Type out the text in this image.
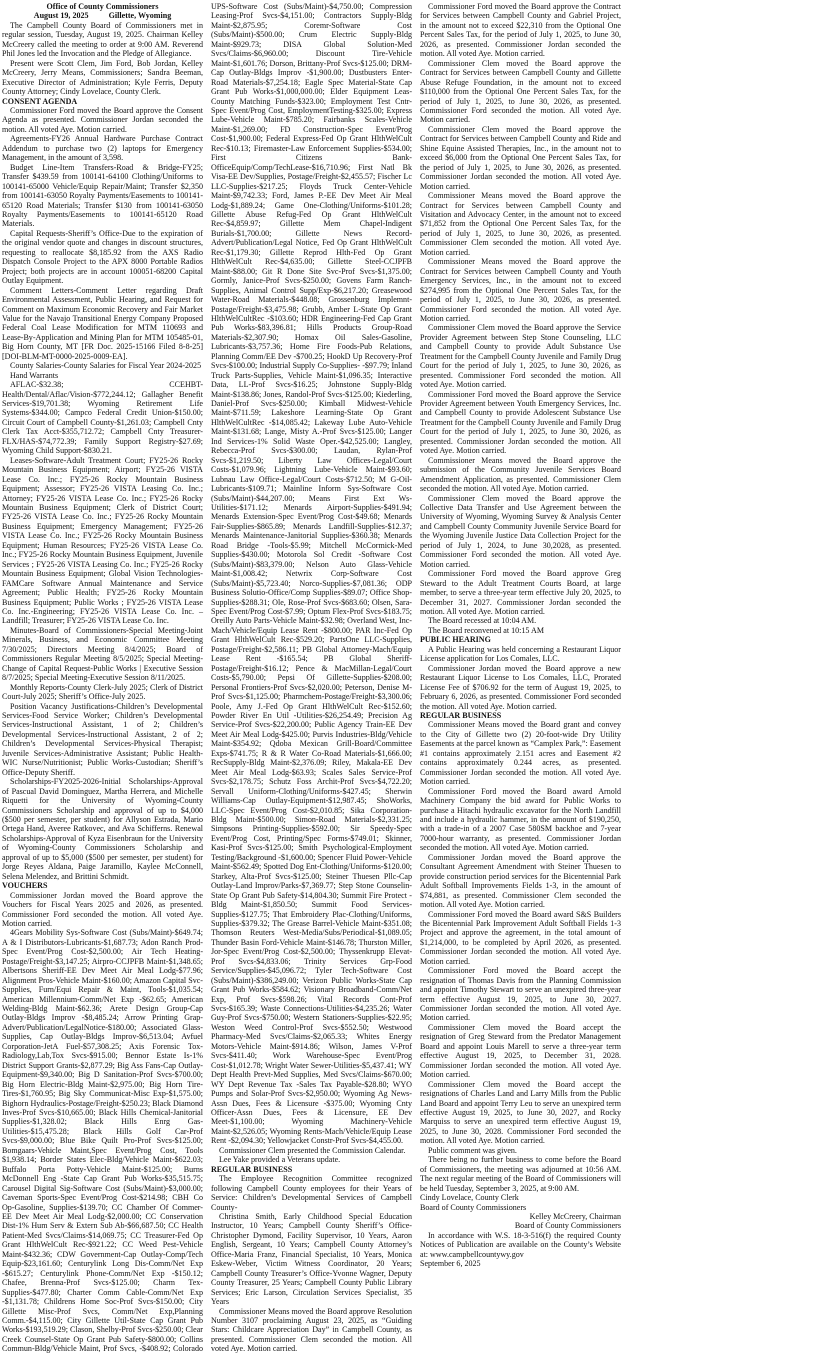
Office of County Commissioners
August 19, 2025          Gillette, Wyoming
The Campbell County Board of Commissioners met in regular session, Tuesday, August 19, 2025. Chairman Kelley McCreery called the meeting to order at 9:00 AM. Reverend Phil Jones led the Invocation and the Pledge of Allegiance.
Present were Scott Clem, Jim Ford, Bob Jordan, Kelley McCreery, Jerry Means, Commissioners; Sandra Beeman, Executive Director of Administration; Kyle Ferris, Deputy County Attorney; Cindy Lovelace, County Clerk.
CONSENT AGENDA
Commissioner Ford moved the Board approve the Consent Agenda as presented. Commissioner Jordan seconded the motion. All voted Aye. Motion carried.
Agreements-FY26 Annual Hardware Purchase Contract Addendum to purchase two (2) laptops for Emergency Management, in the amount of 3,598.
Budget Line-Item Transfers-Road & Bridge-FY25; Transfer $439.59 from 100141-64100 Clothing/Uniforms to 100141-65000 Vehicle/Equip Repair/Maint; Transfer $2,350 from 100141-63050 Royalty Payments/Easements to 100141-65120 Road Materials; Transfer $130 from 100141-63050 Royalty Payments/Easements to 100141-65120 Road Materials.
Capital Requests-Sheriff’s Office-Due to the expiration of the original vendor quote and changes in discount structures, requesting to reallocate $8,185.92 from the AXS Radio Dispatch Console Project to the APX 8000 Portable Radios Project; both projects are in account 100051-68200 Capital Outlay Equipment.
Comment Letters-Comment Letter regarding Draft Environmental Assessment, Public Hearing, and Request for Comment on Maximum Economic Recovery and Fair Market Value for the Navajo Transitional Energy Company Proposed Federal Coal Lease Modification for MTM 110693 and Lease-By-Application and Mining Plan for MTM 105485-01, Big Horn County, MT [FR Doc. 2025-15166 Filed 8-8-25] [DOI-BLM-MT-0000-2025-0009-EA].
County Salaries-County Salaries for Fiscal Year 2024-2025
Hand Warrants
AFLAC-$32.38; CCEHBT-Health/Dental/Aflac/Vision-$772,244.12; Gallagher Benefit Services-$19,701.38; Wyoming Retirement Life Systems-$344.00; Campco Federal Credit Union-$150.00; Circuit Court of Campbell County-$1,261.03; Campbell Cnty Clerk Tax Acct-$355,712.72; Campbell Cnty Treasurer-FLX/HAS-$74,772.39; Family Support Registry-$27.69; Wyoming Child Support-$830.21.
Leases-Software-Adult Treatment Court; FY25-26 Rocky Mountain Business Equipment; Airport; FY25-26 VISTA Lease Co. Inc.; FY25-26 Rocky Mountain Business Equipment; Assessor; FY25-26 VISTA Leasing Co. Inc.; Attorney; FY25-26 VISTA Lease Co. Inc.; FY25-26 Rocky Mountain Business Equipment; Clerk of District Court; FY25-26 VISTA Lease Co. Inc.; FY25-26 Rocky Mountain Business Equipment; Emergency Management; FY25-26 VISTA Lease Co. Inc.; FY25-26 Rocky Mountain Business Equipment; Human Resources; FY25-26 VISTA Lease Co. Inc.; FY25-26 Rocky Mountain Business Equipment, Juvenile Services ; FY25-26 VISTA Leasing Co. Inc.; FY25-26 Rocky Mountain Business Equipment; Global Vision Technologies-FAMCare Software Annual Maintenance and Service Agreement; Public Health; FY25-26 Rocky Mountain Business Equipment; Public Works ; FY25-26 VISTA Lease Co. Inc.-Engineering; FY25-26 VISTA Lease Co. Inc. – Landfill; Treasurer; FY25-26 VISTA Lease Co. Inc.
Minutes-Board of Commissioners-Special Meeting-Joint Minerals, Business, and Economic Committee Meeting 7/30/2025; Directors Meeting 8/4/2025; Board of Commissioners Regular Meeting 8/5/2025; Special Meeting-Change of Capital Request-Public Works | Executive Session 8/7/2025; Special Meeting-Executive Session 8/11/2025.
Monthly Reports-County Clerk-July 2025; Clerk of District Court-July 2025; Sheriff’s Office-July 2025.
Position Vacancy Justifications-Children’s Developmental Services-Food Service Worker; Children’s Developmental Services-Instructional Assistant, 1 of 2; Children’s Developmental Services-Instructional Assistant, 2 of 2; Children’s Developmental Services-Physical Therapist; Juvenile Services-Administrative Assistant; Public Health-WIC Nurse/Nutritionist; Public Works-Custodian; Sheriff’s Office-Deputy Sheriff.
Scholarships-FY2025-2026-Initial Scholarships-Approval of Pascual David Dominguez, Martha Herrera, and Michelle Riquetti for the University of Wyoming-County Commissioners Scholarship and approval of up to $4,000 ($500 per semester, per student) for Allyson Estrada, Mario Ortega Hand, Averee Ratkovec, and Ava Schifferns. Renewal Scholarships-Approval of Kyza Eisenbraun for the University of Wyoming-County Commissioners Scholarship and approval of up to $5,000 ($500 per semester, per student) for Jorge Reyes Aldana, Paige Jaramillo, Kaylee McConnell, Selena Melendez, and Brittini Schmidt.
VOUCHERS
Commissioner Jordan moved the Board approve the Vouchers for Fiscal Years 2025 and 2026, as presented. Commissioner Ford seconded the motion. All voted Aye. Motion carried.
4Gears Mobility Sys-Software Cost (Subs/Maint)-$649.74; A & I Distributors-Lubricants-$1,687.73; Adon Ranch Prod-Spec Event/Prog Cost-$2,500.00; Air Tech Heating-Postage/Freight-$3,147.25; Airpro-CCJPFB Maint-$1,348.65; Albertsons Sheriff-EE Dev Meet Air Meal Lodg-$77.96; Alignment Pros-Vehicle Maint-$160.00; Amazon Capital Svc-Supplies, Furn/Equi Repair & Maint, Tools-$1,035.54; American Millennium-Comm/Net Exp -$62.65; American Welding-Bldg Maint-$62.36; Arete Design Group-Cap Outlay-Bldgs Improv -$8,485.24; Arrow Printing Grap-Advert/Publication/LegalNotice-$180.00; Associated Glass-Supplies, Cap Outlay-Bldgs Improv-$6,513.04; Avfuel Corporation-JetA Fuel-$57,308.25; Axis Forensic Tox-Radiology,Lab,Tox Svcs-$915.00; Bennor Estate Is-1% District Support Grants-$2,877.29; Big Ass Fans-Cap Outlay-Equipment-$9,340.00; Big D Sanitation-Prof Svcs-$700.00; Big Horn Electric-Bldg Maint-$2,975.00; Big Horn Tire-Tires-$1,760.95; Big Sky Communicat-Misc Exp-$1,575.00; Bighorn Hydraulics-Postage/Freight-$250.23; Black Diamond Inves-Prof Svcs-$10,665.00; Black Hills Chemical-Janitorial Supplies-$1,328.02; Black Hills Enrg Gas-Utilities-$15,475.28; Black Hills Golf Car-Prof Svcs-$9,000.00; Blue Bike Quilt Pro-Prof Svcs-$125.00; Bomgaars-Vehicle Maint,Spec Event/Prog Cost, Tools $1,938.14; Border States Elec-Bldg/Vehicle Maint-$622.03; Buffalo Porta Potty-Vehicle Maint-$125.00; Burns McDonnell Eng -State Cap Grant Pub Works-$35,515.75; Carousel Digital Sig-Software Cost (Subs/Maint)-$3,000.00; Caveman Sports-Spec Event/Prog Cost-$214.98; CBH Co Op-Gasoline, Supplies-$139.70; CC Chamber Of Commer-EE Dev Meet Air Meal Lodg-$2,000.00; CC Conservation Dist-1% Hum Serv & Extern Sub Ab-$66,687.50; CC Health Patient-Med Svcs/Claims-$14,069.75; CC Treasurer-Fed Op Grant HlthWelCult Rec-$921.22; CC Weed Pest-Vehicle Maint-$432.36; CDW Government-Cap Outlay-Comp/Tech Equip-$23,161.60; Centurylink Long Dis-Comm/Net Exp -$615.27; Centurylink Phone-Comm/Net Exp -$150.12; Chafee, Brenna-Prof Svcs-$125.00; Charm Tex-Supplies-$477.80; Charter Comm Cable-Comm/Net Exp -$1,131.78; Childrens Home Soc-Prof Svcs-$150.00; City Gillette Misc-Prof Svcs, Comm/Net Exp,Planning Comm.-$4,115.00; City Gillette Util-State Cap Grant Pub Works-$193,519.29; Clason, Shelby-Prof Svcs-$250.00; Clear Creek Counsel-State Op Grant Pub Safety-$800.00; Collins Commun-Bldg/Vehicle Maint, Prof Svcs, -$408.92; Colorado UPS-Software Cost (Subs/Maint)-$4,750.00; Compression Leasing-Prof Svcs-$4,151.00; Contractors Supply-Bldg Maint-$2,875.95; Coremr-Software Cost (Subs/Maint)-$500.00; Crum Electric Supply-Bldg Maint-$929.73; DISA Global Solution-Med Svcs/Claims-$6,960.00; Discount Tire-Vehicle Maint-$1,601.76; Dorson, Brittany-Prof Svcs-$125.00; DRM-Cap Outlay-Bldgs Improv -$1,900.00; Dustbusters Enter-Road Materials-$7,254.18; Eagle Spec Material-State Cap Grant Pub Works-$1,000,000.00; Elder Equipment Leas-County Matching Funds-$323.00; Employment Test Cntr-Spec Event/Prog Cost, EmploymentTesting-$325.00; Express Lube-Vehicle Maint-$785.20; Fairbanks Scales-Vehicle Maint-$1,269.00; FD Construction-Spec Event/Prog Cost-$1,900.00; Federal Express-Fed Op Grant HlthWelCult Rec-$10.13; Firemaster-Law Enforcement Supplies-$534.00; First Citizens Bank-OfficeEquip/Comp/TechLease-$16,710.96; First Natl Bk Visa-EE Dev/Supplies, Postage/Freight-$2,455.57; Fischer Lc LLC-Supplies-$217.25; Floyds Truck Center-Vehicle Maint-$9,742.33; Ford, James P.-EE Dev Meet Air Meal Lodg-$1,889.24; Game One-Clothing/Uniforms-$101.28; Gillette Abuse Refug-Fed Op Grant HlthWelCult Rec-$4,859.97; Gillette Mem Chapel-Indigent Burials-$1,700.00; Gillette News Record-Advert/Publication/Legal Notice, Fed Op Grant HlthWelCult Rec-$1,179.30; Gillette Reprod Hlth-Fed Op Grant HlthWelCult Rec-$4,635.00; Gillette Steel-CCJPFB Maint-$88.00; Git R Done Site Svc-Prof Svcs-$1,375.00; Gormly, Janice-Prof Svcs-$250.00; Govens Farm Ranch-Supplies, Animal Control Supp/Exp-$6,217.20; Greasewood Water-Road Materials-$448.08; Grossenburg Implemnt-Postage/Freight-$3,475.98; Grubb, Amber L-State Op Grant HlthWelCultRec -$103.60; HDR Engineering-Fed Cap Grant Pub Works-$83,396.81; Hills Products Group-Road Materials-$2,307.90; Homax Oil Sales-Gasoline, Lubricants-$3,757.36; Home Fire Foods-Pub Relations, Planning Comm/EE Dev -$700.25; HookD Up Recovery-Prof Svcs-$100.00; Industrial Supply Co-Supplies- -$97.79; Inland Truck Parts-Supplies, Vehicle Maint-$1,096.35; Interactive Data, LL-Prof Svcs-$16.25; Johnstone Supply-Bldg Maint-$138.86; Jones, Randol-Prof Svcs-$125.00; Kiederling, Daniel-Prof Svcs-$250.00; Kimball Midwest-Vehicle Maint-$711.59; Lakeshore Learning-State Op Grant HlthWelCultRec -$14,085.42; Lakeway Lube Auto-Vehicle Maint-$131.68; Lange, Misty A.-Prof Svcs-$125.00; Langer Ind Services-1% Solid Waste Oper.-$42,525.00; Langley, Rebecca-Prof Svcs-$300.00; Laudan, Rylan-Prof Svcs-$1,219.50; Liberty Law Offices-Legal/Court Costs-$1,079.96; Lightning Lube-Vehicle Maint-$93.60; Lubnau Law Office-Legal/Court Costs-$712.50; M G-Oil-Lubricants-$109.71; Mainline Inform Sys-Software Cost (Subs/Maint)-$44,207.00; Means First Ext Ws-Utilities-$171.12; Menards Airport-Supplies-$491.94; Menards Extension-Spec Event/Prog Cost-$49.68; Menards Fair-Supplies-$865.89; Menards Landfill-Supplies-$12.37; Menards Maintenance-Janitorial Supplies-$360.38; Menards Road Bridge -Tools-$5.99; Mitchell McCormick-Med Supplies-$430.00; Motorola Sol Credit -Software Cost (Subs/Maint)-$83,379.00; Nelson Auto Glass-Vehicle Maint-$1,008.42; Netwrix Corp-Software Cost (Subs/Maint)-$5,723.40; Norco-Supplies-$7,081.36; ODP Business Solutio-Office/Comp Supplies-$89.07; Office Shop-Supplies-$288.31; Ole, Rose-Prof Svcs-$683.60; Olsen, Sara-Spec Event/Prog Cost-$7.99; Optum Flex-Prof Svcs-$183.75; Oreilly Auto Parts-Vehicle Maint-$32.98; Overland West, Inc-Mach/Vehicle/Equip Lease Rent -$800.00; PAR Inc-Fed Op Grant HlthWelCult Rec-$529.20; PartsOne LLC-Supplies, Postage/Freight-$2,586.11; PB Global Attorney-Mach/Equip Lease Rent -$165.54; PB Global Sheriff-Postage/Freight-$16.12; Pence & MacMillan-Legal/Court Costs-$5,790.00; Pepsi Of Gillette-Supplies-$208.00; Personal Frontiers-Prof Svcs-$2,020.00; Peterson, Denise M-Prof Svcs-$1,125.00; Pharmchem-Postage/Freight-$3,300.06; Poole, Amy J.-Fed Op Grant HlthWelCult Rec-$152.60; Powder River En Util -Utilities-$26,254.49; Precision Ag Service-Prof Svcs-$22,200.00; Public Agency Train-EE Dev Meet Air Meal Lodg-$425.00; Purvis Industries-Bldg/Vehicle Maint-$354.92; Qdoba Mexican Grill-Board/Committee Exps-$741.75; R & R Water Co-Road Materials-$1,666.00; RecSupply-Bldg Maint-$2,376.09; Riley, Makala-EE Dev Meet Air Meal Lodg-$63.93; Scales Sales Service-Prof Svcs-$2,178.75; Schutz Foss Archit-Prof Svcs-$4,722.20; Servall Uniform-Clothing/Uniforms-$427.45; Sherwin Williams-Cap Outlay-Equipment-$12,987.45; ShoWorks, LLC-Spec Event/Prog Cost-$2,010.85; Sika Corporation-Bldg Maint-$500.00; Simon-Road Materials-$2,331.25; Simpsons Printing-Supplies-$592.00; Sir Speedy-Spec Event/Prog Cost, Printing/Spec Forms-$749.01; Skinner, Kasi-Prof Svcs-$125.00; Smith Psychological-Employment Testing/Background -$1,600.00; Spencer Fluid Power-Vehicle Maint-$562.49; Spotted Dog Ent-Clothing/Uniforms-$120.00; Starkey, Alta-Prof Svcs-$125.00; Steiner Thuesen Pllc-Cap Outlay-Land Improv/Parks-$7,369.77; Step Stone Counselin-State Op Grant Pub Safety-$14,804.30; Summit Fire Protect -Bldg Maint-$1,850.50; Summit Food Services-Supplies-$127.75; That Embroidery Plac-Clothing/Uniforms, Supplies-$379.32; The Grease Barrel-Vehicle Maint-$351.08; Thomson Reuters West-Media/Subs/Periodical-$1,089.05; Thunder Basin Ford-Vehicle Maint-$146.78; Thurston Miller, Jor-Spec Event/Prog Cost-$2,500.00; Thyssenkrupp Elevat-Prof Svcs-$4,833.06; Trinity Services Grp-Food Service/Supplies-$45,096.72; Tyler Tech-Software Cost (Subs/Maint)-$386,249.00; Verizon Public Works-State Cap Grant Pub Works-$584.62; Visionary Broadband-Comm/Net Exp, Prof Svcs-$598.26; Vital Records Cont-Prof Svcs-$165.39; Waste Connections-Utilities-$4,235.26; Water Guy-Prof Svcs-$750.00; Western Stationers-Supplies-$22.95; Weston Weed Control-Prof Svcs-$552.50; Westwood Pharmacy-Med Svcs/Claims-$2,065.33; Whites Energy Motors-Vehicle Maint-$914.86; Wilson, James V-Prof Svcs-$411.40; Work Warehouse-Spec Event/Prog Cost-$1,012.78; Wright Water Sewer-Utilities-$5,437.41; WY Dept Health Prevt-Med Supplies, Med Svcs/Claims-$670.00; WY Dept Revenue Tax -Sales Tax Payable-$28.80; WYO Pumps and Solar-Prof Svcs-$2,950.00; Wyoming Ag News-Assn Dues, Fees & Licensure -$375.00; Wyoming Cnty Officer-Assn Dues, Fees & Licensure, EE Dev Meet-$1,100.00; Wyoming Machinery-Vehicle Maint-$2,526.05; Wyoming Rents-Mach/Vehicle/Equip Lease Rent -$2,094.30; Yellowjacket Constr-Prof Svcs-$4,455.00.
Commissioner Clem presented the Commission Calendar.
Lee Yake provided a Veterans update.
REGULAR BUSINESS
The Employee Recognition Committee recognized following Campbell County employees for their Years of Service: Children’s Developmental Services of Campbell County-
Christina Smith, Early Childhood Special Education Instructor, 10 Years; Campbell County Sheriff’s Office-Christopher Dymond, Facility Supervisor, 10 Years, Aaron English, Sergeant, 10 Years; Campbell County Attorney’s Office-Maria Franz, Financial Specialist, 10 Years, Monica Eskew-Weber, Victim Witness Coordinator, 20 Years; Campbell County Treasurer’s Office-Yvonne Wagner, Deputy County Treasurer, 25 Years; Campbell County Public Library Services; Eric Larson, Circulation Services Specialist, 35 Years
Commissioner Means moved the Board approve Resolution Number 3107 proclaiming August 23, 2025, as “Guiding Stars: Childcare Appreciation Day” in Campbell County, as presented. Commissioner Clem seconded the motion. All voted Aye. Motion carried.
Commissioner Ford moved the Board approve the Contract for Services between Campbell County and Gabriel Project, in the amount not to exceed $22,310 from the Optional One Percent Sales Tax, for the period of July 1, 2025, to June 30, 2026, as presented. Commissioner Jordan seconded the motion. All voted Aye. Motion carried.
Commissioner Clem moved the Board approve the Contract for Services between Campbell County and Gillette Abuse Refuge Foundation, in the amount not to exceed $110,000 from the Optional One Percent Sales Tax, for the period of July 1, 2025, to June 30, 2026, as presented. Commissioner Ford seconded the motion. All voted Aye. Motion carried.
Commissioner Clem moved the Board approve the Contract for Services between Campbell County and Ride and Shine Equine Assisted Therapies, Inc., in the amount not to exceed $6,000 from the Optional One Percent Sales Tax, for the period of July 1, 2025, to June 30, 2026, as presented. Commissioner Jordan seconded the motion. All voted Aye. Motion carried.
Commissioner Means moved the Board approve the Contract for Services between Campbell County and Visitation and Advocacy Center, in the amount not to exceed $71,852 from the Optional One Percent Sales Tax, for the period of July 1, 2025, to June 30, 2026, as presented. Commissioner Clem seconded the motion. All voted Aye. Motion carried.
Commissioner Means moved the Board approve the Contract for Services between Campbell County and Youth Emergency Services, Inc., in the amount not to exceed $274,995 from the Optional One Percent Sales Tax, for the period of July 1, 2025, to June 30, 2026, as presented. Commissioner Ford seconded the motion. All voted Aye. Motion carried.
Commissioner Clem moved the Board approve the Service Provider Agreement between Step Stone Counseling, LLC and Campbell County to provide Adult Substance Use Treatment for the Campbell County Juvenile and Family Drug Court for the period of July 1, 2025, to June 30, 2026, as presented. Commissioner Ford seconded the motion. All voted Aye. Motion carried.
Commissioner Ford moved the Board approve the Service Provider Agreement between Youth Emergency Services, Inc. and Campbell County to provide Adolescent Substance Use Treatment for the Campbell County Juvenile and Family Drug Court for the period of July 1, 2025, to June 30, 2026, as presented. Commissioner Jordan seconded the motion. All voted Aye. Motion carried.
Commissioner Means moved the Board approve the submission of the Community Juvenile Services Board Amendment Application, as presented. Commissioner Clem seconded the motion. All voted Aye. Motion carried.
Commissioner Clem moved the Board approve the Collective Data Transfer and Use Agreement between the University of Wyoming, Wyoming Survey & Analysis Center and Campbell County Community Juvenile Service Board for the Wyoming Juvenile Justice Data Collection Project for the period of July 1, 2024, to June 30,2028, as presented. Commissioner Ford seconded the motion. All voted Aye. Motion carried.
Commissioner Ford moved the Board approve Greg Steward to the Adult Treatment Courts Board, at large member, to serve a three-year term effective July 20, 2025, to December 31, 2027. Commissioner Jordan seconded the motion. All voted Aye. Motion carried.
The Board recessed at 10:04 AM.
The Board reconvened at 10:15 AM
PUBLIC HEARING
A Public Hearing was held concerning a Restaurant Liquor License application for Los Comales, LLC.
Commissioner Jordan moved the Board approve a new Restaurant Liquor License to Los Comales, LLC, Prorated License Fee of $706.92 for the term of August 19, 2025, to February 6, 2026, as presented. Commissioner Ford seconded the motion. All voted Aye. Motion carried.
REGULAR BUSINESS
Commissioner Means moved the Board grant and convey to the City of Gillette two (2) 20-foot-wide Dry Utility Easements at the parcel known as “Camplex Park,”: Easement #1 contains approximately 2.151 acres and Easement #2 contains approximately 0.244 acres, as presented. Commissioner Jordan seconded the motion. All voted Aye. Motion carried.
Commissioner Ford moved the Board award Arnold Machinery Company the bid award for Public Works to purchase a Hitachi hydraulic excavator for the North Landfill and include a hydraulic hammer, in the amount of $190,250, with a trade-in of a 2007 Case 580SM backhoe and 7-year 7000-hour warranty, as presented. Commissioner Jordan seconded the motion. All voted Aye. Motion carried.
Commissioner Jordan moved the Board approve the Consultant Agreement Amendment with Steiner Thuesen to provide construction period services for the Bicentennial Park Adult Softball Improvements Fields 1-3, in the amount of $74,881, as presented. Commissioner Clem seconded the motion. All voted Aye. Motion carried.
Commissioner Ford moved the Board award S&S Builders the Bicentennial Park Improvement Adult Softball Fields 1-3 Project and approve the agreement, in the total amount of $1,214,000, to be completed by April 2026, as presented. Commissioner Jordan seconded the motion. All voted Aye. Motion carried.
Commissioner Ford moved the Board accept the resignation of Thomas Davis from the Planning Commission and appoint Timothy Stewart to serve an unexpired three-year term effective August 19, 2025, to June 30, 2027. Commissioner Jordan seconded the motion. All voted Aye. Motion carried.
Commissioner Clem moved the Board accept the resignation of Greg Steward from the Predator Management Board and appoint Louis Marell to serve a three-year term effective August 19, 2025, to December 31, 2028. Commissioner Jordan seconded the motion. All voted Aye. Motion carried.
Commissioner Clem moved the Board accept the resignations of Charles Land and Larry Mills from the Public Land Board and appoint Terry Leu to serve an unexpired term effective August 19, 2025, to June 30, 2027, and Rocky Marquiss to serve an unexpired term effective August 19, 2025, to June 30, 2028. Commissioner Ford seconded the motion. All voted Aye. Motion carried.
Public comment was given.
There being no further business to come before the Board of Commissioners, the meeting was adjourned at 10:56 AM. The next regular meeting of the Board of Commissioners will be held Tuesday, September 3, 2025, at 9:00 AM.
Cindy Lovelace, County Clerk
Board of County Commissioners
Kelley McCreery, Chairman
Board of County Commissioners
In accordance with W.S. 18-3-516(f) the required County Notices of Publication are available on the County’s Website at: www.campbellcountywy.gov
September 6, 2025
